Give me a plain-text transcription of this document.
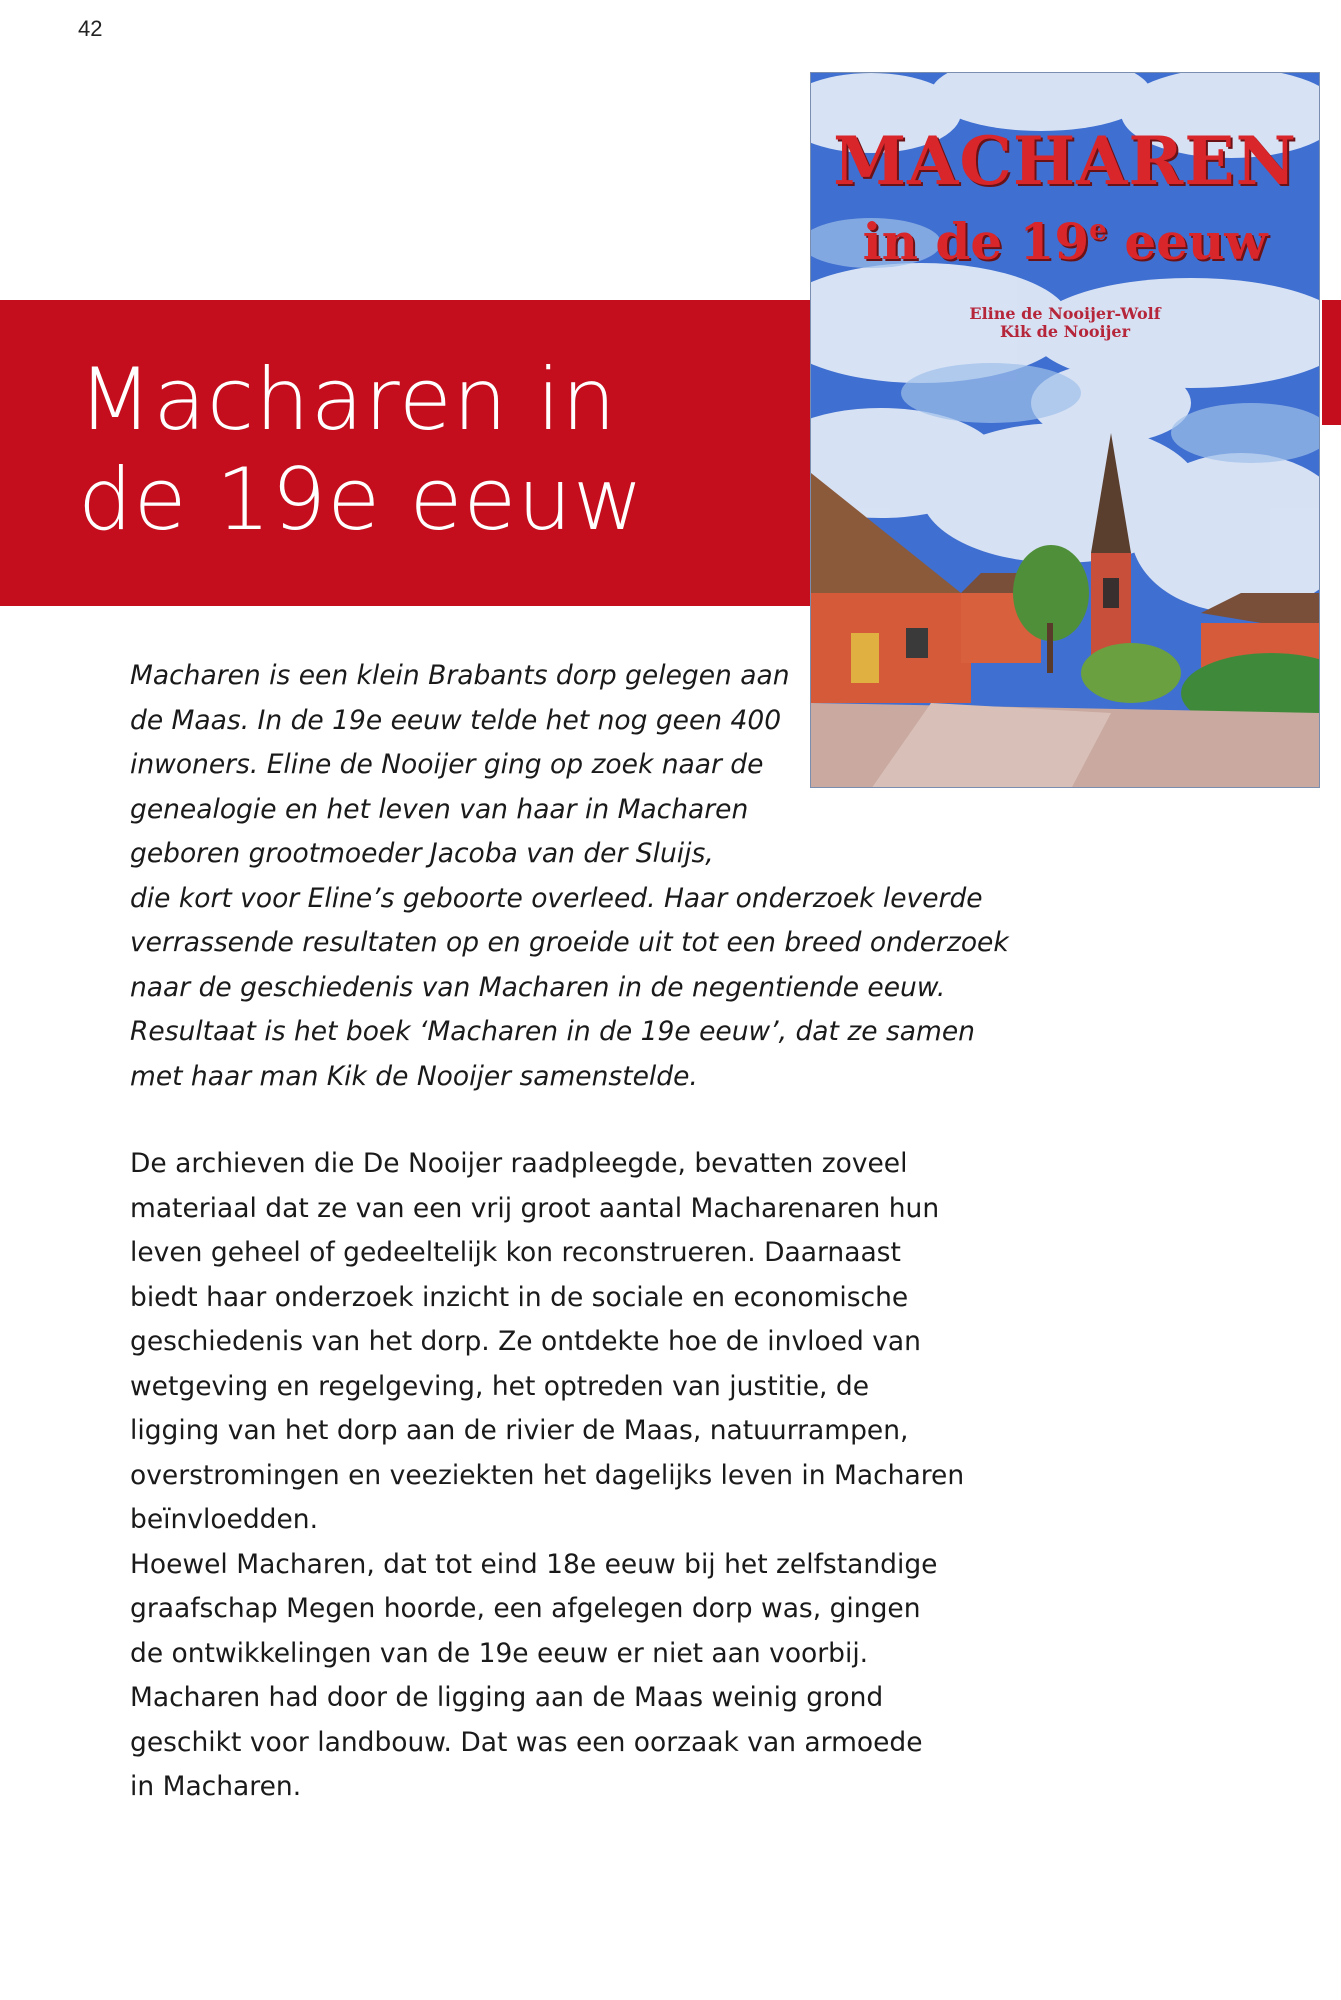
42
Macharen in
de 19e eeuw
MACHAREN
in de 19e eeuw
Eline de Nooijer-Wolf
Kik de Nooijer

Macharen is een klein Brabants dorp gelegen aan
de Maas. In de 19e eeuw telde het nog geen 400
inwoners. Eline de Nooijer ging op zoek naar de
genealogie en het leven van haar in Macharen
geboren grootmoeder Jacoba van der Sluijs,
die kort voor Eline’s geboorte overleed. Haar onderzoek leverde
verrassende resultaten op en groeide uit tot een breed onderzoek
naar de geschiedenis van Macharen in de negentiende eeuw.
Resultaat is het boek ‘Macharen in de 19e eeuw’, dat ze samen
met haar man Kik de Nooijer samenstelde.

De archieven die De Nooijer raadpleegde, bevatten zoveel
materiaal dat ze van een vrij groot aantal Macharenaren hun
leven geheel of gedeeltelijk kon reconstrueren. Daarnaast
biedt haar onderzoek inzicht in de sociale en economische
geschiedenis van het dorp. Ze ontdekte hoe de invloed van
wetgeving en regelgeving, het optreden van justitie, de
ligging van het dorp aan de rivier de Maas, natuurrampen,
overstromingen en veeziekten het dagelijks leven in Macharen
beïnvloedden.
Hoewel Macharen, dat tot eind 18e eeuw bij het zelfstandige
graafschap Megen hoorde, een afgelegen dorp was, gingen
de ontwikkelingen van de 19e eeuw er niet aan voorbij.
Macharen had door de ligging aan de Maas weinig grond
geschikt voor landbouw. Dat was een oorzaak van armoede
in Macharen.
